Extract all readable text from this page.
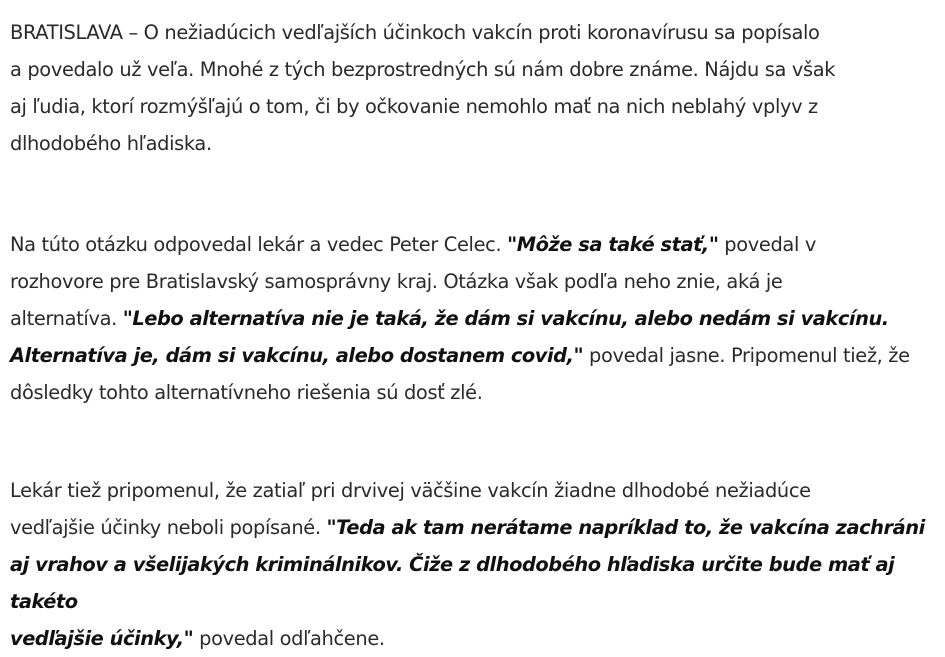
BRATISLAVA – O nežiadúcich vedľajších účinkoch vakcín proti koronavírusu sa popísalo
a povedalo už veľa. Mnohé z tých bezprostredných sú nám dobre známe. Nájdu sa však
aj ľudia, ktorí rozmýšľajú o tom, či by očkovanie nemohlo mať na nich neblahý vplyv z
dlhodobého hľadiska.

Na túto otázku odpovedal lekár a vedec Peter Celec. "Môže sa také stať," povedal v
rozhovore pre Bratislavský samosprávny kraj. Otázka však podľa neho znie, aká je
alternatíva. "Lebo alternatíva nie je taká, že dám si vakcínu, alebo nedám si vakcínu.
Alternatíva je, dám si vakcínu, alebo dostanem covid," povedal jasne. Pripomenul tiež, že
dôsledky tohto alternatívneho riešenia sú dosť zlé.

Lekár tiež pripomenul, že zatiaľ pri drvivej väčšine vakcín žiadne dlhodobé nežiadúce
vedľajšie účinky neboli popísané. "Teda ak tam nerátame napríklad to, že vakcína zachráni
aj vrahov a všelijakých kriminálnikov. Čiže z dlhodobého hľadiska určite bude mať aj takéto
vedľajšie účinky," povedal odľahčene.
